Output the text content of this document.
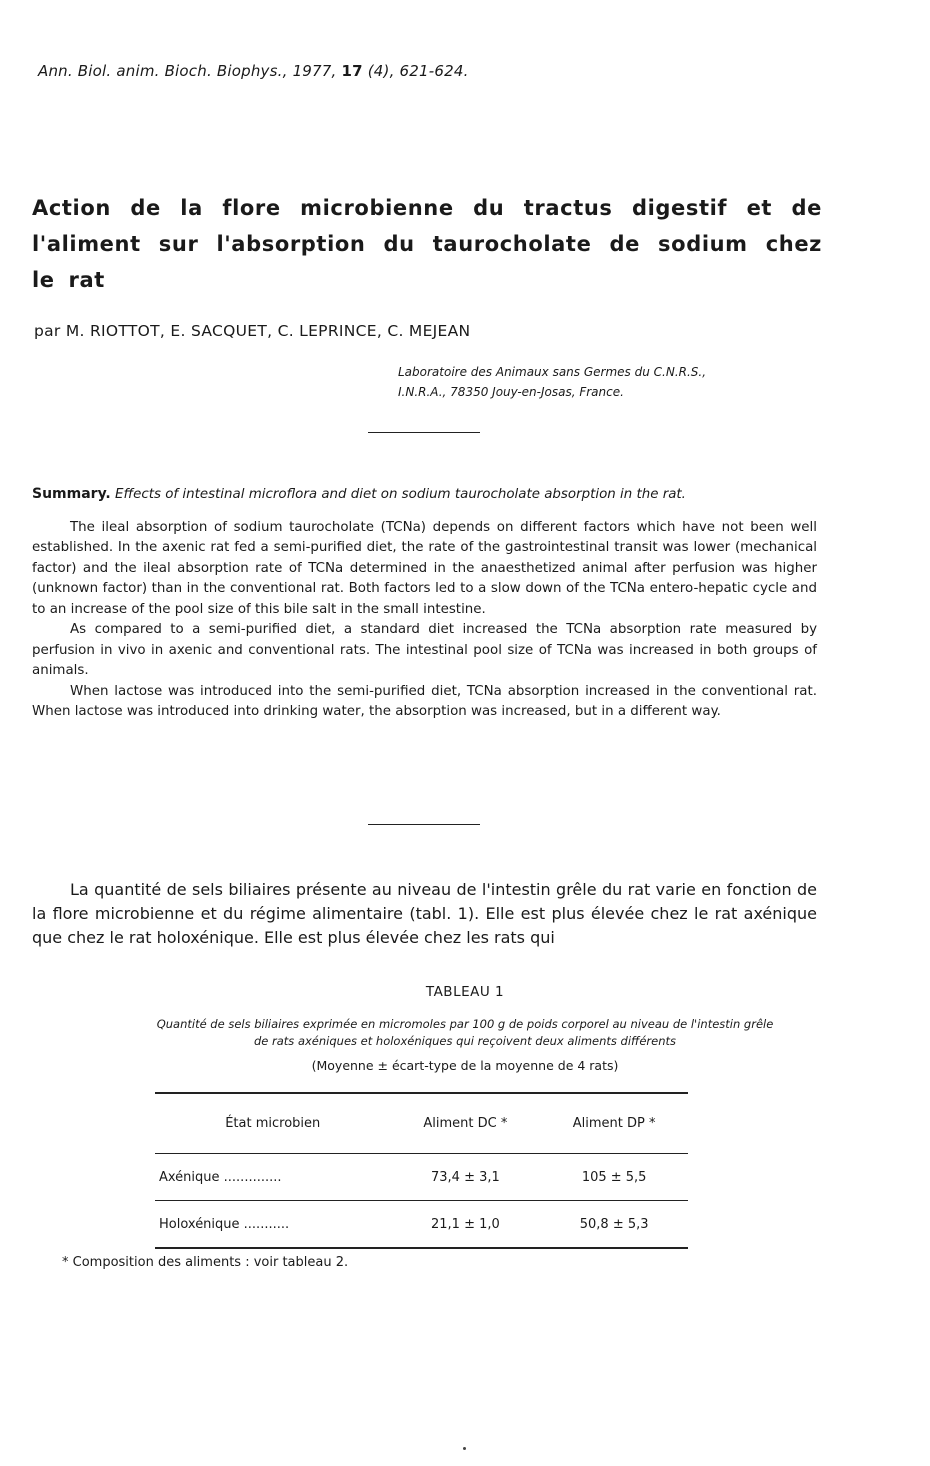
Ann. Biol. anim. Bioch. Biophys., 1977, 17 (4), 621-624.
Action de la flore microbienne du tractus digestif et de l'aliment sur l'absorption du taurocholate de sodium chez le rat
par M. RIOTTOT, E. SACQUET, C. LEPRINCE, C. MEJEAN
Laboratoire des Animaux sans Germes du C.N.R.S.,
I.N.R.A., 78350 Jouy-en-Josas, France.

Summary. Effects of intestinal microflora and diet on sodium taurocholate absorption in the rat.

The ileal absorption of sodium taurocholate (TCNa) depends on different factors which have not been well established. In the axenic rat fed a semi-purified diet, the rate of the gastrointestinal transit was lower (mechanical factor) and the ileal absorption rate of TCNa determined in the anaesthetized animal after perfusion was higher (unknown factor) than in the conventional rat. Both factors led to a slow down of the TCNa entero-hepatic cycle and to an increase of the pool size of this bile salt in the small intestine.

As compared to a semi-purified diet, a standard diet increased the TCNa absorption rate measured by perfusion in vivo in axenic and conventional rats. The intestinal pool size of TCNa was increased in both groups of animals.

When lactose was introduced into the semi-purified diet, TCNa absorption increased in the conventional rat. When lactose was introduced into drinking water, the absorption was increased, but in a different way.

La quantité de sels biliaires présente au niveau de l'intestin grêle du rat varie en fonction de la flore microbienne et du régime alimentaire (tabl. 1). Elle est plus élevée chez le rat axénique que chez le rat holoxénique. Elle est plus élevée chez les rats qui

TABLEAU 1
Quantité de sels biliaires exprimée en micromoles par 100 g de poids corporel au niveau de l'intestin grêle
de rats axéniques et holoxéniques qui reçoivent deux aliments différents
(Moyenne ± écart-type de la moyenne de 4 rats)
État microbien	Aliment DC *	Aliment DP *
Axénique ..............	73,4 ± 3,1	105 ± 5,5
Holoxénique ...........	21,1 ± 1,0	50,8 ± 5,3
* Composition des aliments : voir tableau 2.
